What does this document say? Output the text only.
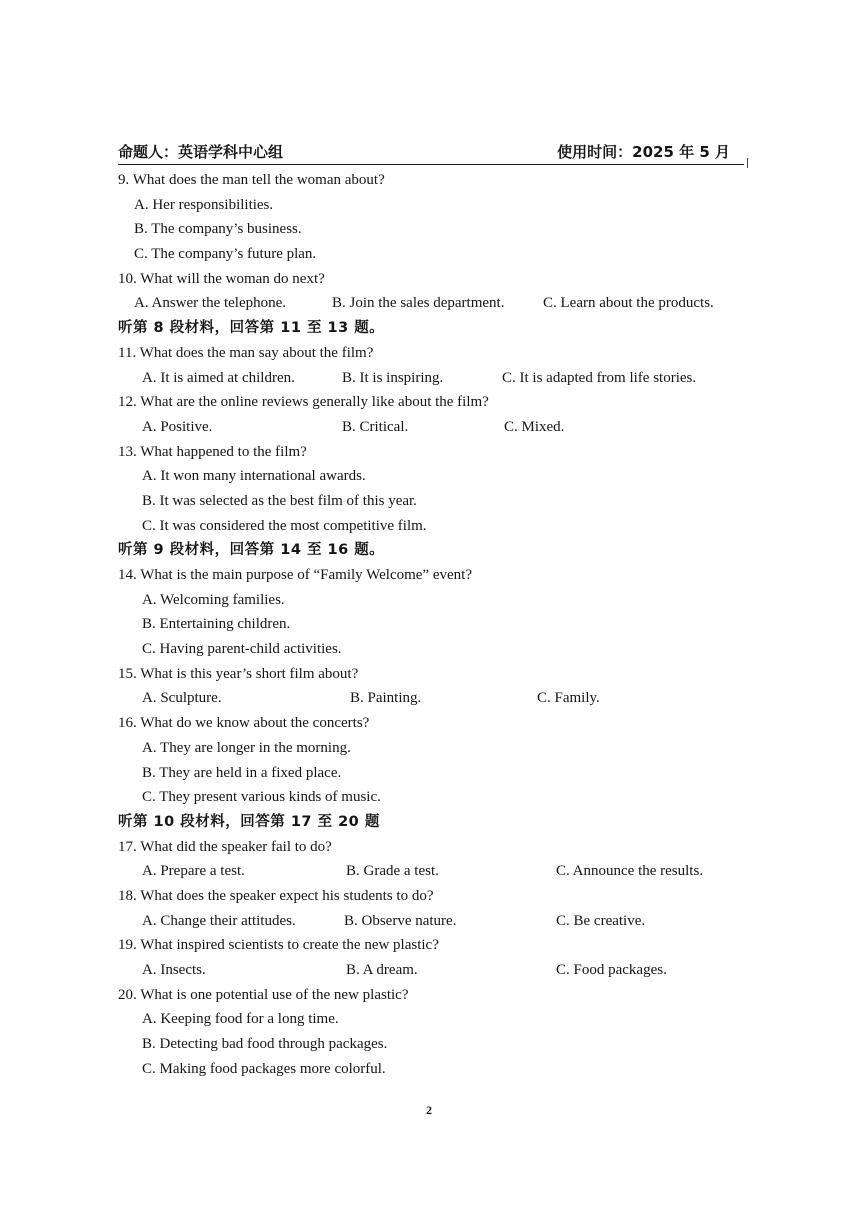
命题人：英语学科中心组	使用时间：2025 年 5 月
9. What does the man tell the woman about?
A. Her responsibilities.
B. The company’s business.
C. The company’s future plan.
10. What will the woman do next?
A. Answer the telephone.	B. Join the sales department.	C. Learn about the products.
听第 8 段材料，回答第 11 至 13 题。
11. What does the man say about the film?
A. It is aimed at children.	B. It is inspiring.	C. It is adapted from life stories.
12. What are the online reviews generally like about the film?
A. Positive.	B. Critical.	C. Mixed.
13. What happened to the film?
A. It won many international awards.
B. It was selected as the best film of this year.
C. It was considered the most competitive film.
听第 9 段材料，回答第 14 至 16 题。
14. What is the main purpose of “Family Welcome” event?
A. Welcoming families.
B. Entertaining children.
C. Having parent-child activities.
15. What is this year’s short film about?
A. Sculpture.	B. Painting.	C. Family.
16. What do we know about the concerts?
A. They are longer in the morning.
B. They are held in a fixed place.
C. They present various kinds of music.
听第 10 段材料，回答第 17 至 20 题
17. What did the speaker fail to do?
A. Prepare a test.	B. Grade a test.	C. Announce the results.
18. What does the speaker expect his students to do?
A. Change their attitudes.	B. Observe nature.	C. Be creative.
19. What inspired scientists to create the new plastic?
A. Insects.	B. A dream.	C. Food packages.
20. What is one potential use of the new plastic?
A. Keeping food for a long time.
B. Detecting bad food through packages.
C. Making food packages more colorful.
2
